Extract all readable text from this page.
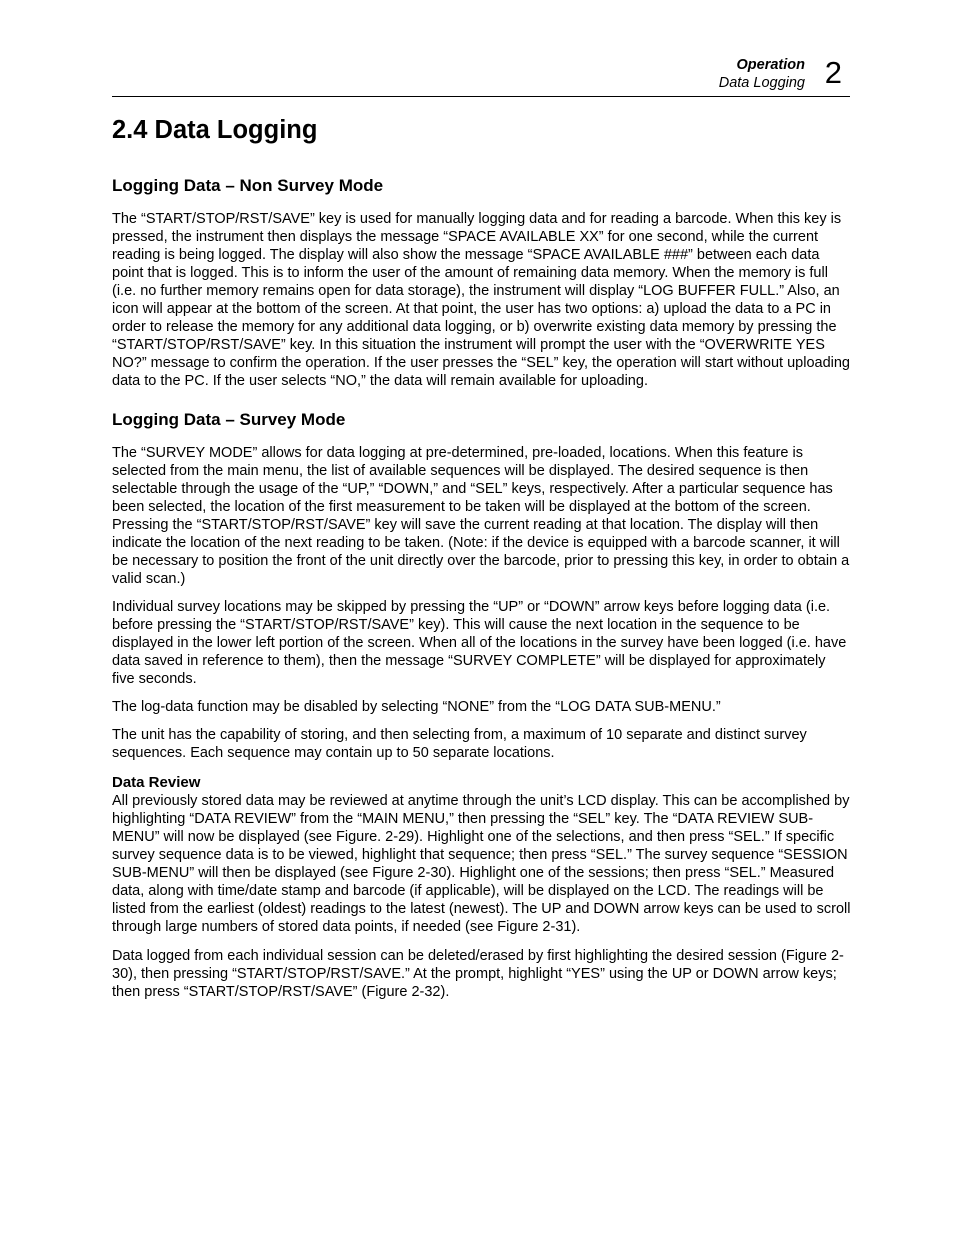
Operation
Data Logging 2
2.4 Data Logging
Logging Data – Non Survey Mode

The “START/STOP/RST/SAVE” key is used for manually logging data and for reading a barcode. When this key is pressed, the instrument then displays the message “SPACE AVAILABLE XX” for one second, while the current reading is being logged. The display will also show the message “SPACE AVAILABLE ###” between each data point that is logged. This is to inform the user of the amount of remaining data memory. When the memory is full (i.e. no further memory remains open for data storage), the instrument will display “LOG BUFFER FULL.” Also, an icon will appear at the bottom of the screen. At that point, the user has two options: a) upload the data to a PC in order to release the memory for any additional data logging, or b) overwrite existing data memory by pressing the “START/STOP/RST/SAVE” key. In this situation the instrument will prompt the user with the “OVERWRITE YES NO?” message to confirm the operation. If the user presses the “SEL” key, the operation will start without uploading data to the PC. If the user selects “NO,” the data will remain available for uploading.

Logging Data – Survey Mode

The “SURVEY MODE” allows for data logging at pre-determined, pre-loaded, locations. When this feature is selected from the main menu, the list of available sequences will be displayed. The desired sequence is then selectable through the usage of the “UP,” “DOWN,” and “SEL” keys, respectively. After a particular sequence has been selected, the location of the first measurement to be taken will be displayed at the bottom of the screen. Pressing the “START/STOP/RST/SAVE” key will save the current reading at that location. The display will then indicate the location of the next reading to be taken. (Note: if the device is equipped with a barcode scanner, it will be necessary to position the front of the unit directly over the barcode, prior to pressing this key, in order to obtain a valid scan.)

Individual survey locations may be skipped by pressing the “UP” or “DOWN” arrow keys before logging data (i.e. before pressing the “START/STOP/RST/SAVE” key). This will cause the next location in the sequence to be displayed in the lower left portion of the screen. When all of the locations in the survey have been logged (i.e. have data saved in reference to them), then the message “SURVEY COMPLETE” will be displayed for approximately five seconds.

The log-data function may be disabled by selecting “NONE” from the “LOG DATA SUB-MENU.”

The unit has the capability of storing, and then selecting from, a maximum of 10 separate and distinct survey sequences. Each sequence may contain up to 50 separate locations.

Data Review

All previously stored data may be reviewed at anytime through the unit’s LCD display. This can be accomplished by highlighting “DATA REVIEW” from the “MAIN MENU,” then pressing the “SEL” key. The “DATA REVIEW SUB-MENU” will now be displayed (see Figure. 2-29). Highlight one of the selections, and then press “SEL.” If specific survey sequence data is to be viewed, highlight that sequence; then press “SEL.” The survey sequence “SESSION SUB-MENU” will then be displayed (see Figure 2-30). Highlight one of the sessions; then press “SEL.” Measured data, along with time/date stamp and barcode (if applicable), will be displayed on the LCD. The readings will be listed from the earliest (oldest) readings to the latest (newest). The UP and DOWN arrow keys can be used to scroll through large numbers of stored data points, if needed (see Figure 2-31).

Data logged from each individual session can be deleted/erased by first highlighting the desired session (Figure 2-30), then pressing “START/STOP/RST/SAVE.” At the prompt, highlight “YES” using the UP or DOWN arrow keys; then press “START/STOP/RST/SAVE” (Figure 2-32).
